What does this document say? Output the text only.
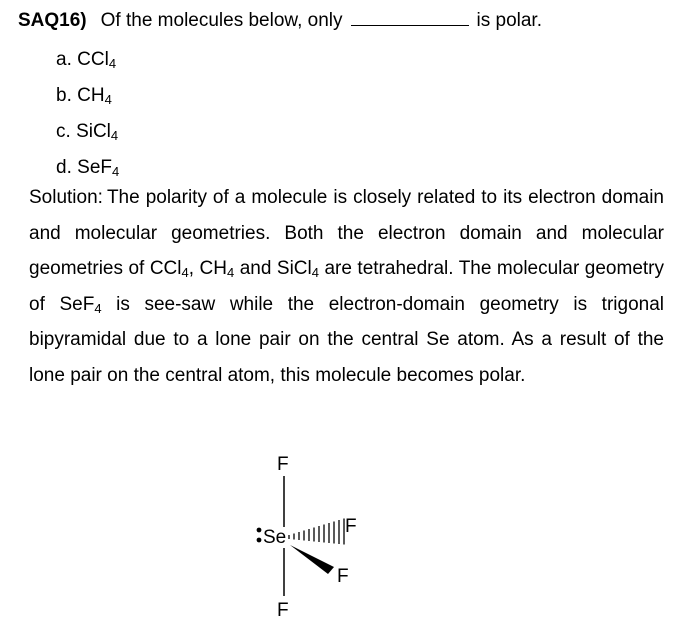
SAQ16) Of the molecules below, only	is polar.
a. CCl$_4$
b. $CH_4$
c. SiCl$_4$
d. SeF$_4$

Solution: The polarity of a molecule is closely related to its electron domain and molecular geometries. Both the electron domain and molecular geometries of CCl$_4$, $CH_4$ and SiCl$_4$ are tetrahedral. The molecular geometry of SeF$_4$ is see-saw while the electron-domain geometry is trigonal bipyramidal due to a lone pair on the central Se atom. As a result of the lone pair on the central atom, this molecule becomes polar.

F
Se
F
F
F
